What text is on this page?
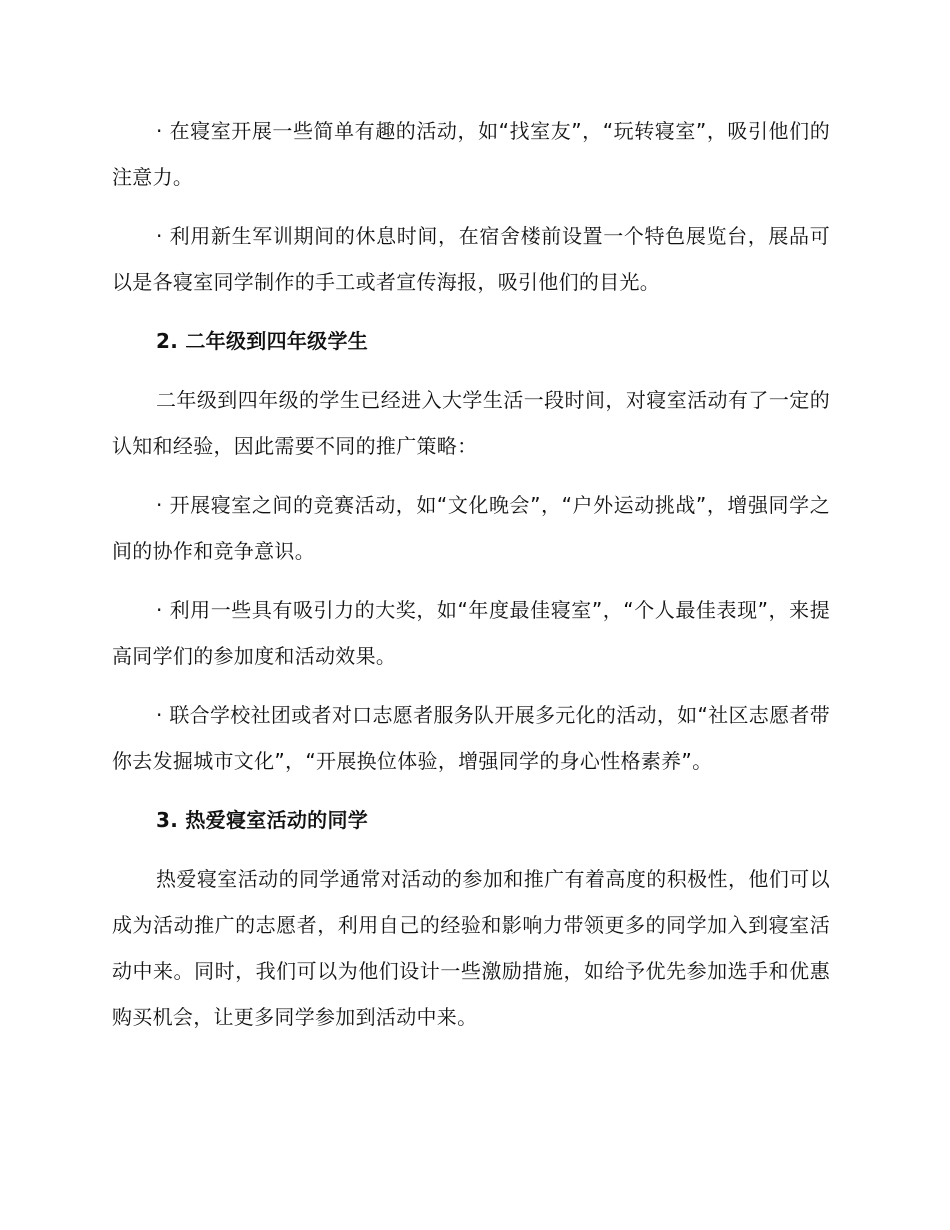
· 在寝室开展一些简单有趣的活动，如“找室友”，“玩转寝室”，吸引他们的注意力。

· 利用新生军训期间的休息时间，在宿舍楼前设置一个特色展览台，展品可以是各寝室同学制作的手工或者宣传海报，吸引他们的目光。

2. 二年级到四年级学生

二年级到四年级的学生已经进入大学生活一段时间，对寝室活动有了一定的认知和经验，因此需要不同的推广策略：

· 开展寝室之间的竞赛活动，如“文化晚会”，“户外运动挑战”，增强同学之间的协作和竞争意识。

· 利用一些具有吸引力的大奖，如“年度最佳寝室”，“个人最佳表现”，来提高同学们的参加度和活动效果。

· 联合学校社团或者对口志愿者服务队开展多元化的活动，如“社区志愿者带你去发掘城市文化”，“开展换位体验，增强同学的身心性格素养”。

3. 热爱寝室活动的同学

热爱寝室活动的同学通常对活动的参加和推广有着高度的积极性，他们可以成为活动推广的志愿者，利用自己的经验和影响力带领更多的同学加入到寝室活动中来。同时，我们可以为他们设计一些激励措施，如给予优先参加选手和优惠购买机会，让更多同学参加到活动中来。
